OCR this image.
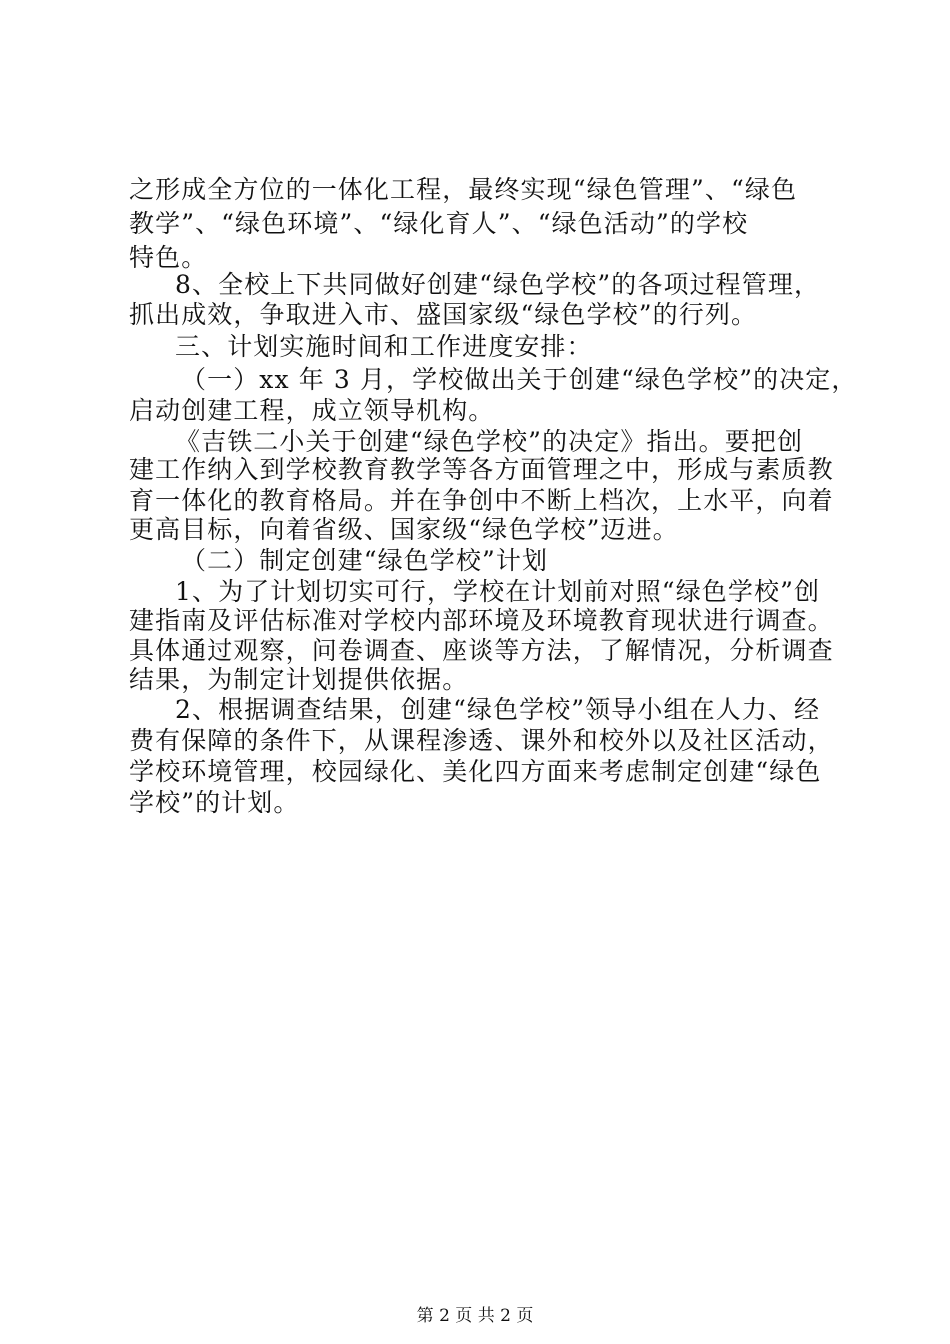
之形成全方位的一体化工程，最终实现“绿色管理”、“绿色
教学”、“绿色环境”、“绿化育人”、“绿色活动”的学校
特色。
8、全校上下共同做好创建“绿色学校”的各项过程管理，
抓出成效，争取进入市、盛国家级“绿色学校”的行列。
三、计划实施时间和工作进度安排：
（一）xx 年 3 月，学校做出关于创建“绿色学校”的决定，
启动创建工程，成立领导机构。
《吉铁二小关于创建“绿色学校”的决定》指出。要把创
建工作纳入到学校教育教学等各方面管理之中，形成与素质教
育一体化的教育格局。并在争创中不断上档次，上水平，向着
更高目标，向着省级、国家级“绿色学校”迈进。
（二）制定创建“绿色学校”计划
1、为了计划切实可行，学校在计划前对照“绿色学校”创
建指南及评估标准对学校内部环境及环境教育现状进行调查。
具体通过观察，问卷调查、座谈等方法，了解情况，分析调查
结果，为制定计划提供依据。
2、根据调查结果，创建“绿色学校”领导小组在人力、经
费有保障的条件下，从课程渗透、课外和校外以及社区活动，
学校环境管理，校园绿化、美化四方面来考虑制定创建“绿色
学校”的计划。
第 2 页 共 2 页
